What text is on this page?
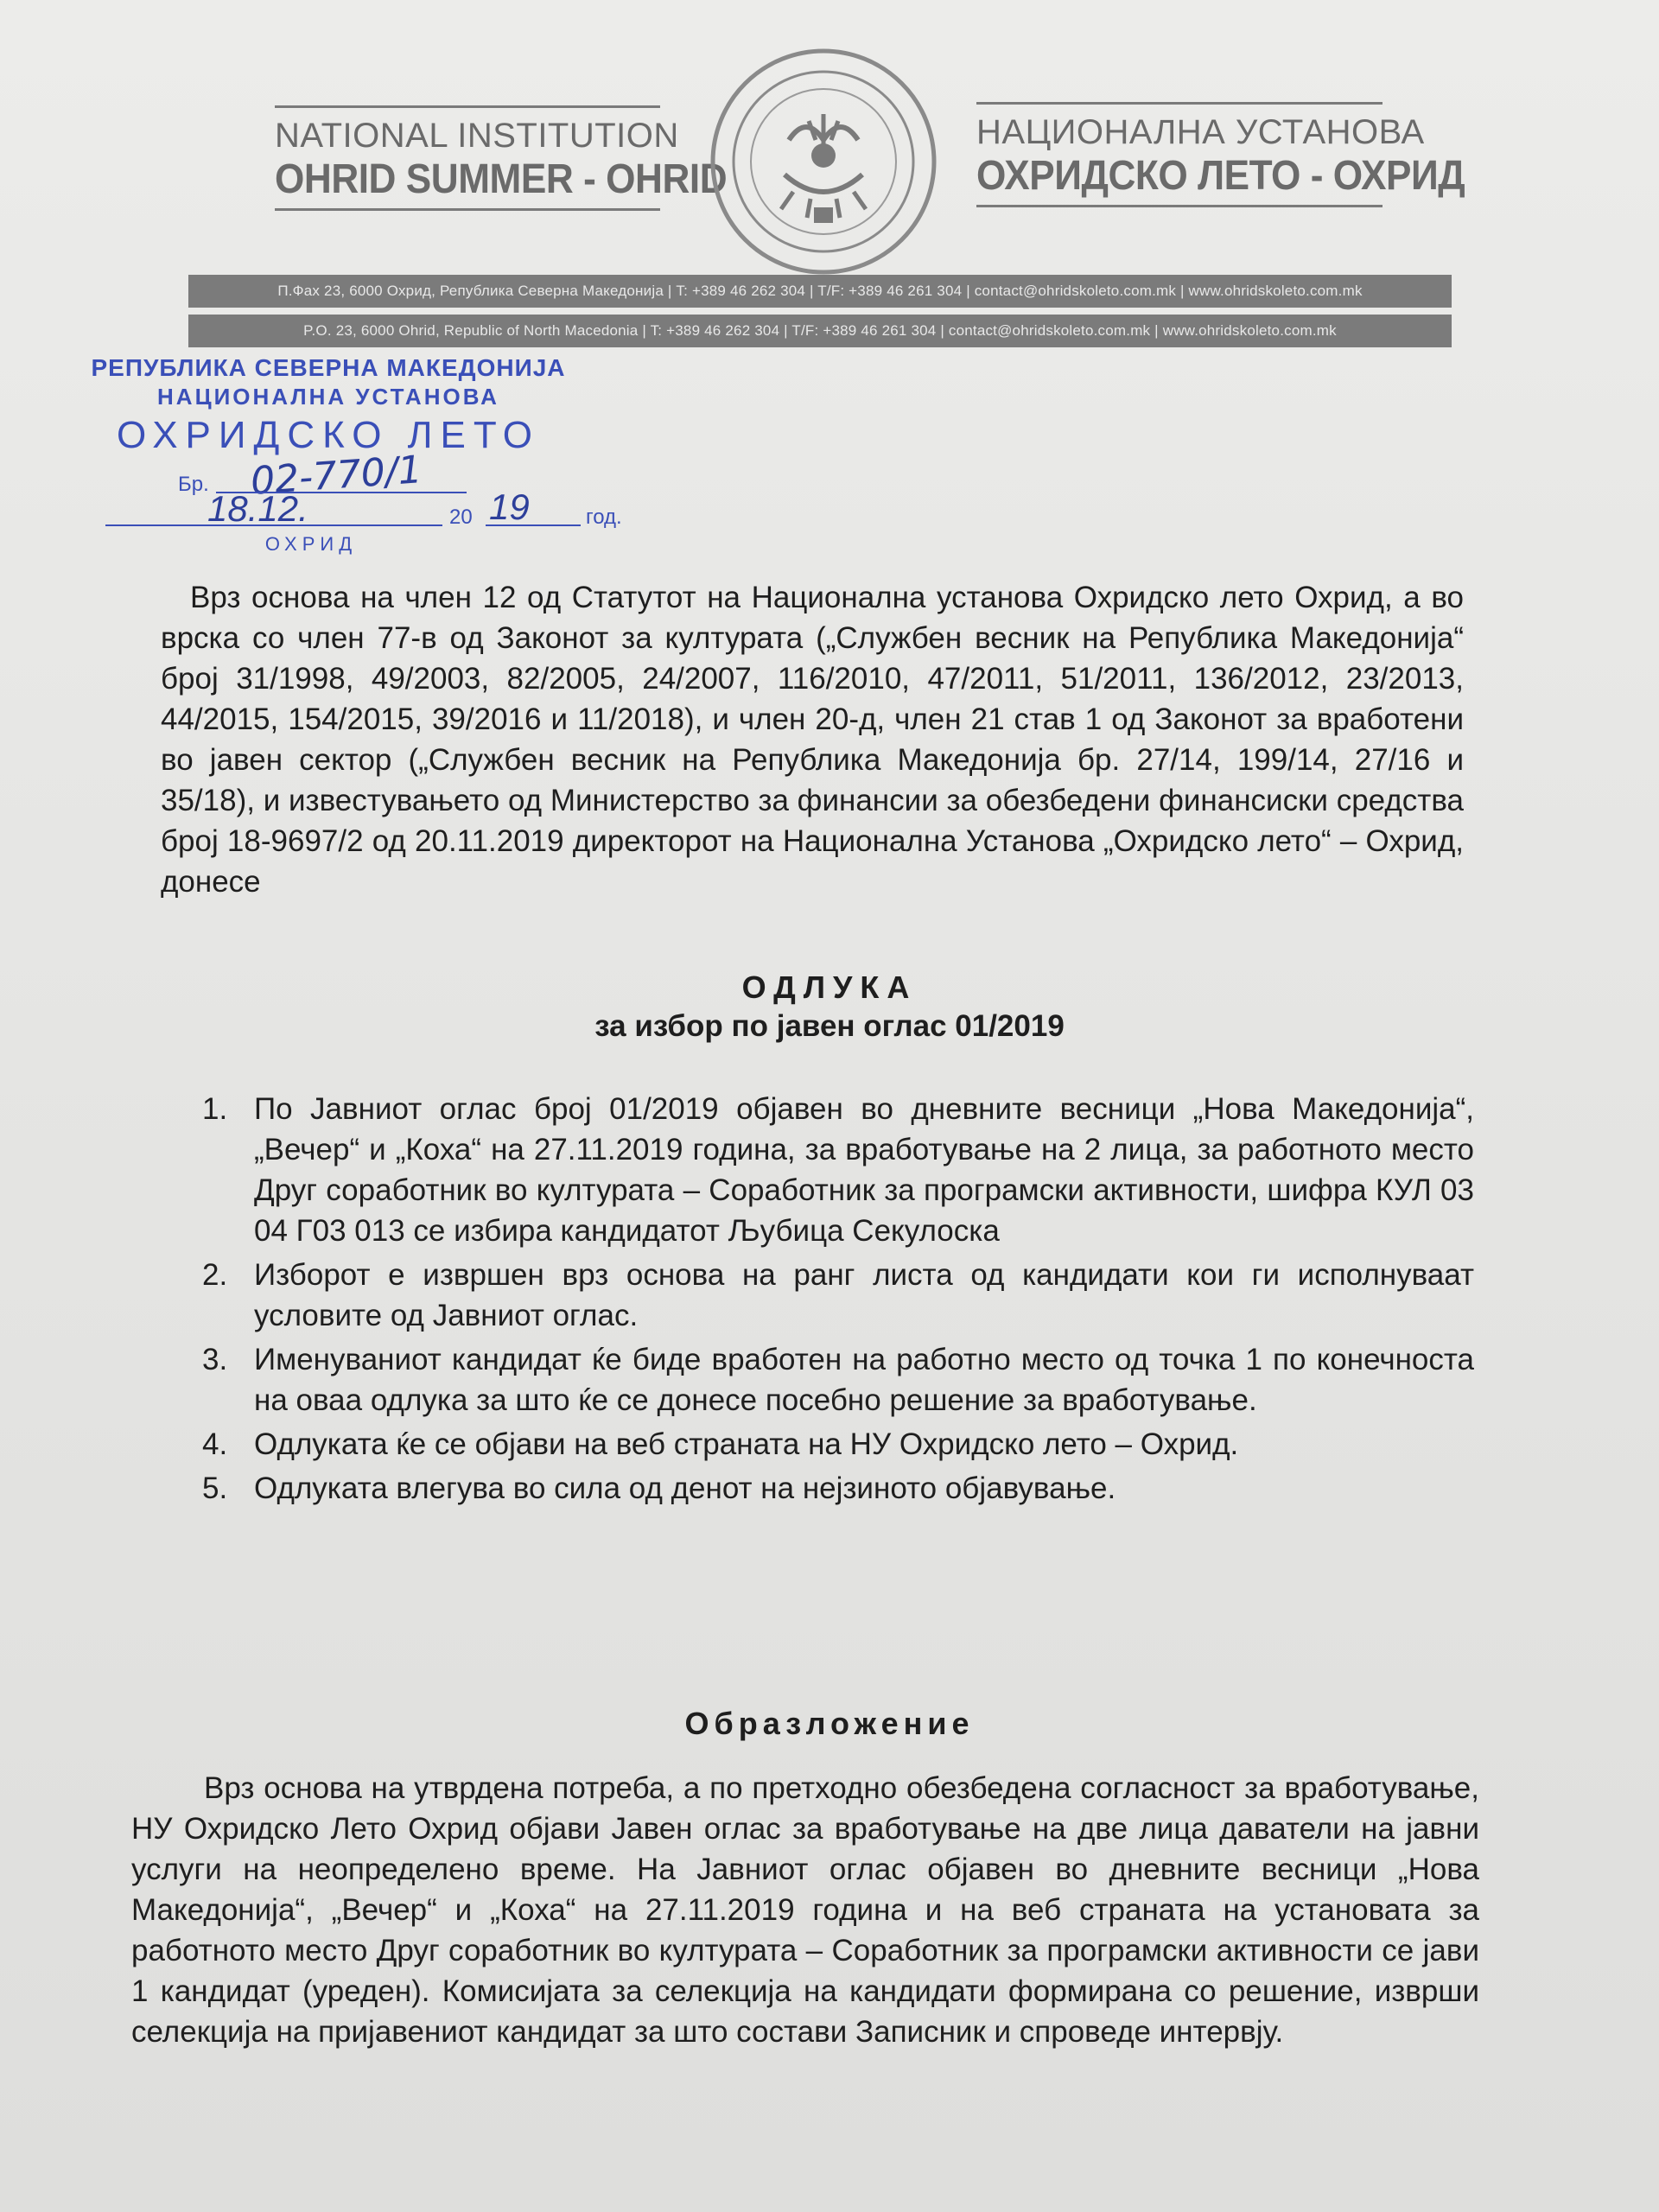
NATIONAL INSTITUTION
OHRID SUMMER - OHRID
НАЦИОНАЛНА УСТАНОВА
ОХРИДСКО ЛЕТО - ОХРИД
П.Фах 23, 6000 Охрид, Република Северна Македонија | T: +389 46 262 304 | T/F: +389 46 261 304 | contact@ohridskoleto.com.mk | www.ohridskoleto.com.mk
P.O. 23, 6000 Ohrid, Republic of North Macedonia | T: +389 46 262 304 | T/F: +389 46 261 304 | contact@ohridskoleto.com.mk | www.ohridskoleto.com.mk
РЕПУБЛИКА СЕВЕРНА МАКЕДОНИЈА
НАЦИОНАЛНА УСТАНОВА
ОХРИДСКО ЛЕТО
Бр. 02-770/1
18.12.	20 19	год.
ОХРИД

Врз основа на член 12 од Статутот на Национална установа Охридско лето Охрид, а во врска со член 77-в од Законот за културата („Службен весник на Република Македонија“ број 31/1998, 49/2003, 82/2005, 24/2007, 116/2010, 47/2011, 51/2011, 136/2012, 23/2013, 44/2015, 154/2015, 39/2016 и 11/2018), и член 20-д, член 21 став 1 од Законот за вработени во јавен сектор („Службен весник на Република Македонија бр. 27/14, 199/14, 27/16 и 35/18), и известувањето од Министерство за финансии за обезбедени финансиски средства број 18-9697/2 од 20.11.2019 директорот на Национална Установа „Охридско лето“ – Охрид, донесе

ОДЛУКА
за избор по јавен оглас 01/2019
1. По Јавниот оглас број 01/2019 објавен во дневните весници „Нова Македонија“, „Вечер“ и „Коха“ на 27.11.2019 година, за вработување на 2 лица, за работното место Друг соработник во културата – Соработник за програмски активности, шифра КУЛ 03 04 Г03 013 се избира кандидатот Љубица Секулоска
2. Изборот е извршен врз основа на ранг листа од кандидати кои ги исполнуваат условите од Јавниот оглас.
3. Именуваниот кандидат ќе биде вработен на работно место од точка 1 по конечноста на оваа одлука за што ќе се донесе посебно решение за вработување.
4. Одлуката ќе се објави на веб страната на НУ Охридско лето – Охрид.
5. Одлуката влегува во сила од денот на нејзиното објавување.
Образложение

Врз основа на утврдена потреба, а по претходно обезбедена согласност за вработување, НУ Охридско Лето Охрид објави Јавен оглас за вработување на две лица даватели на јавни услуги на неопределено време. На Јавниот оглас објавен во дневните весници „Нова Македонија“, „Вечер“ и „Коха“ на 27.11.2019 година и на веб страната на установата за работното место Друг соработник во културата – Соработник за програмски активности се јави 1 кандидат (уреден). Комисијата за селекција на кандидати формирана со решение, изврши селекција на пријавениот кандидат за што состави Записник и спроведе интервју.
